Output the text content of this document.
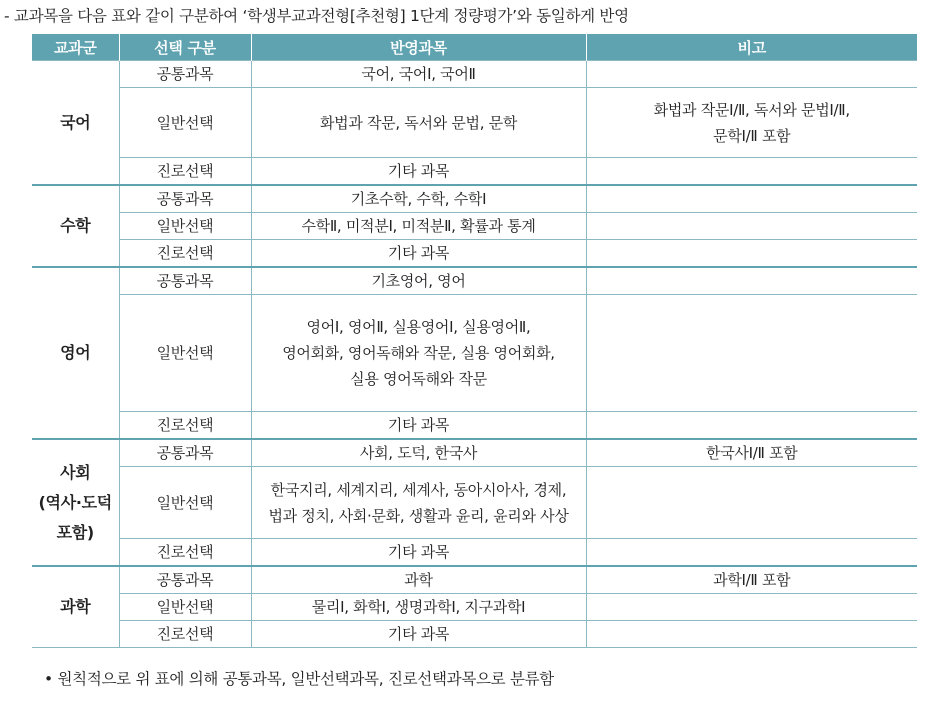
- 교과목을 다음 표와 같이 구분하여 ‘학생부교과전형[추천형] 1단계 정량평가’와 동일하게 반영
교과군	선택 구분	반영과목	비고
국어	공통과목	국어, 국어Ⅰ, 국어Ⅱ	
	일반선택	화법과 작문, 독서와 문법, 문학	화법과 작문Ⅰ/Ⅱ, 독서와 문법Ⅰ/Ⅱ,
문학Ⅰ/Ⅱ 포함
	진로선택	기타 과목	
수학	공통과목	기초수학, 수학, 수학Ⅰ	
	일반선택	수학Ⅱ, 미적분Ⅰ, 미적분Ⅱ, 확률과 통계	
	진로선택	기타 과목	
영어	공통과목	기초영어, 영어	
	일반선택	영어Ⅰ, 영어Ⅱ, 실용영어Ⅰ, 실용영어Ⅱ,
영어회화, 영어독해와 작문, 실용 영어회화,
실용 영어독해와 작문	
	진로선택	기타 과목	
사회
(역사·도덕
포함)	공통과목	사회, 도덕, 한국사	한국사Ⅰ/Ⅱ 포함
	일반선택	한국지리, 세계지리, 세계사, 동아시아사, 경제,
법과 정치, 사회·문화, 생활과 윤리, 윤리와 사상	
	진로선택	기타 과목	
과학	공통과목	과학	과학Ⅰ/Ⅱ 포함
	일반선택	물리Ⅰ, 화학Ⅰ, 생명과학Ⅰ, 지구과학Ⅰ	
	진로선택	기타 과목	
• 원칙적으로 위 표에 의해 공통과목, 일반선택과목, 진로선택과목으로 분류함
